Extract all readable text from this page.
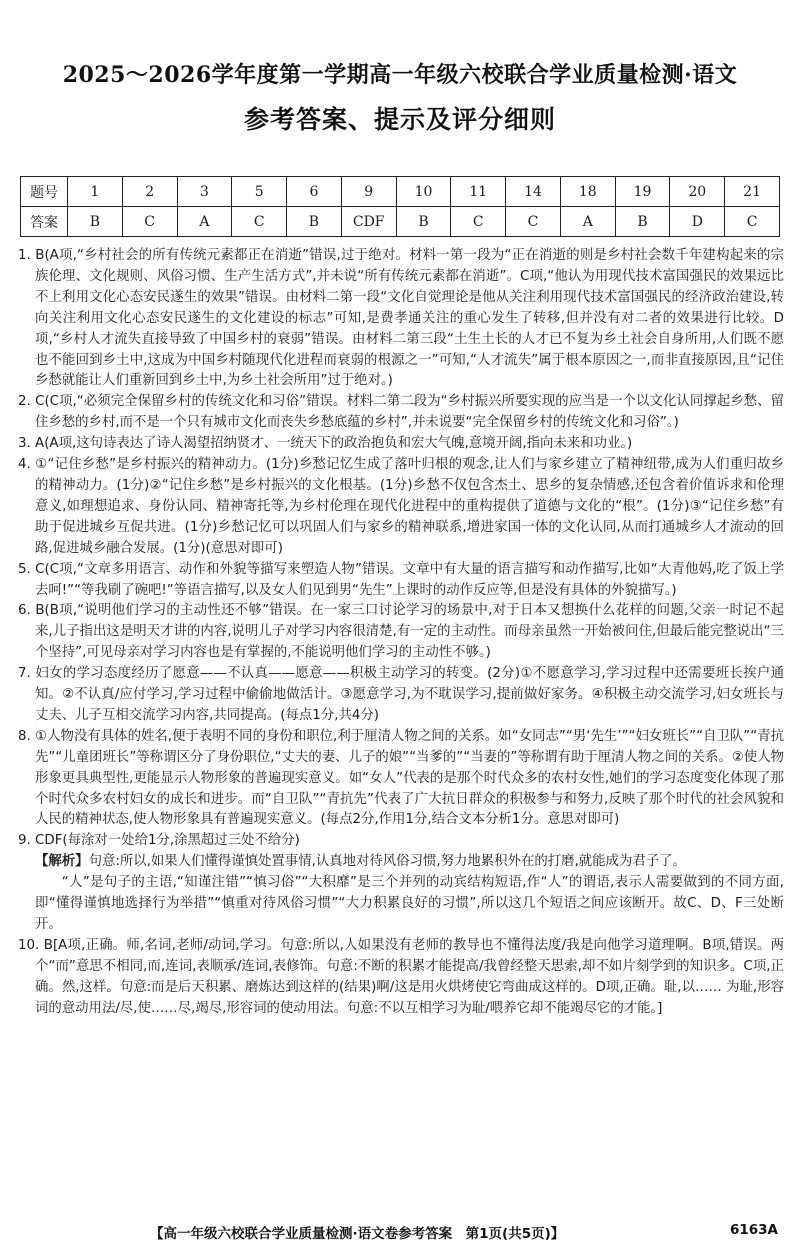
2025～2026学年度第一学期高一年级六校联合学业质量检测·语文
参考答案、提示及评分细则
题号	1	2	3	5	6	9	10	11	14	18	19	20	21
答案	B	C	A	C	B	CDF	B	C	C	A	B	D	C

1. B(A项,“乡村社会的所有传统元素都正在消逝”错误,过于绝对。材料一第一段为“正在消逝的则是乡村社会数千年建构起来的宗族伦理、文化规则、风俗习惯、生产生活方式”,并未说“所有传统元素都在消逝”。C项,“他认为用现代技术富国强民的效果远比不上利用文化心态安民遂生的效果”错误。由材料二第一段“文化自觉理论是他从关注利用现代技术富国强民的经济政治建设,转向关注利用文化心态安民遂生的文化建设的标志”可知,是费孝通关注的重心发生了转移,但并没有对二者的效果进行比较。D项,“乡村人才流失直接导致了中国乡村的衰弱”错误。由材料二第三段“土生土长的人才已不复为乡土社会自身所用,人们既不愿也不能回到乡土中,这成为中国乡村随现代化进程而衰弱的根源之一”可知,“人才流失”属于根本原因之一,而非直接原因,且“记住乡愁就能让人们重新回到乡土中,为乡土社会所用”过于绝对。)

2. C(C项,“必须完全保留乡村的传统文化和习俗”错误。材料二第二段为“乡村振兴所要实现的应当是一个以文化认同撑起乡愁、留住乡愁的乡村,而不是一个只有城市文化而丧失乡愁底蕴的乡村”,并未说要“完全保留乡村的传统文化和习俗”。)

3. A(A项,这句诗表达了诗人渴望招纳贤才、一统天下的政治抱负和宏大气魄,意境开阔,指向未来和功业。)

4. ①“记住乡愁”是乡村振兴的精神动力。(1分)乡愁记忆生成了落叶归根的观念,让人们与家乡建立了精神纽带,成为人们重归故乡的精神动力。(1分)②“记住乡愁”是乡村振兴的文化根基。(1分)乡愁不仅包含杰土、思乡的复杂情感,还包含着价值诉求和伦理意义,如理想追求、身份认同、精神寄托等,为乡村伦理在现代化进程中的重构提供了道德与文化的“根”。(1分)③“记住乡愁”有助于促进城乡互促共进。(1分)乡愁记忆可以巩固人们与家乡的精神联系,增进家国一体的文化认同,从而打通城乡人才流动的回路,促进城乡融合发展。(1分)(意思对即可)

5. C(C项,“文章多用语言、动作和外貌等描写来塑造人物”错误。文章中有大量的语言描写和动作描写,比如“大青他妈,吃了饭上学去呵!”“等我刷了碗吧!”等语言描写,以及女人们见到男“先生”上课时的动作反应等,但是没有具体的外貌描写。)

6. B(B项,“说明他们学习的主动性还不够”错误。在一家三口讨论学习的场景中,对于日本又想换什么花样的问题,父亲一时记不起来,儿子指出这是明天才讲的内容,说明儿子对学习内容很清楚,有一定的主动性。而母亲虽然一开始被问住,但最后能完整说出“三个坚持”,可见母亲对学习内容也是有掌握的,不能说明他们学习的主动性不够。)

7. 妇女的学习态度经历了愿意——不认真——愿意——积极主动学习的转变。(2分)①不愿意学习,学习过程中还需要班长挨户通知。②不认真/应付学习,学习过程中偷偷地做活计。③愿意学习,为不耽误学习,提前做好家务。④积极主动交流学习,妇女班长与丈夫、儿子互相交流学习内容,共同提高。(每点1分,共4分)

8. ①人物没有具体的姓名,便于表明不同的身份和职位,利于厘清人物之间的关系。如“女同志”“男‘先生’”“妇女班长”“自卫队”“青抗先”“儿童团班长”等称谓区分了身份职位,“丈夫的妻、儿子的娘”“当爹的”“当妻的”等称谓有助于厘清人物之间的关系。②使人物形象更具典型性,更能显示人物形象的普遍现实意义。如“女人”代表的是那个时代众多的农村女性,她们的学习态度变化体现了那个时代众多农村妇女的成长和进步。而“自卫队”“青抗先”代表了广大抗日群众的积极参与和努力,反映了那个时代的社会风貌和人民的精神状态,使人物形象具有普遍现实意义。(每点2分,作用1分,结合文本分析1分。意思对即可)

9. CDF(每涂对一处给1分,涂黑超过三处不给分)

【解析】句意:所以,如果人们懂得谨慎处置事情,认真地对待风俗习惯,努力地累积外在的打磨,就能成为君子了。

“人”是句子的主语,“知谨注错”“慎习俗”“大积靡”是三个并列的动宾结构短语,作“人”的谓语,表示人需要做到的不同方面,即“懂得谨慎地选择行为举措”“慎重对待风俗习惯”“大力积累良好的习惯”,所以这几个短语之间应该断开。故C、D、F三处断开。

10. B[A项,正确。师,名词,老师/动词,学习。句意:所以,人如果没有老师的教导也不懂得法度/我是向他学习道理啊。B项,错误。两个“而”意思不相同,而,连词,表顺承/连词,表修饰。句意:不断的积累才能提高/我曾经整天思索,却不如片刻学到的知识多。C项,正确。然,这样。句意:而是后天积累、磨炼达到这样的(结果)啊/这是用火烘烤使它弯曲成这样的。D项,正确。耻,以…… 为耻,形容词的意动用法/尽,使……尽,竭尽,形容词的使动用法。句意:不以互相学习为耻/喂养它却不能竭尽它的才能。]

【高一年级六校联合学业质量检测·语文卷参考答案　第1页(共5页)】	6163A
